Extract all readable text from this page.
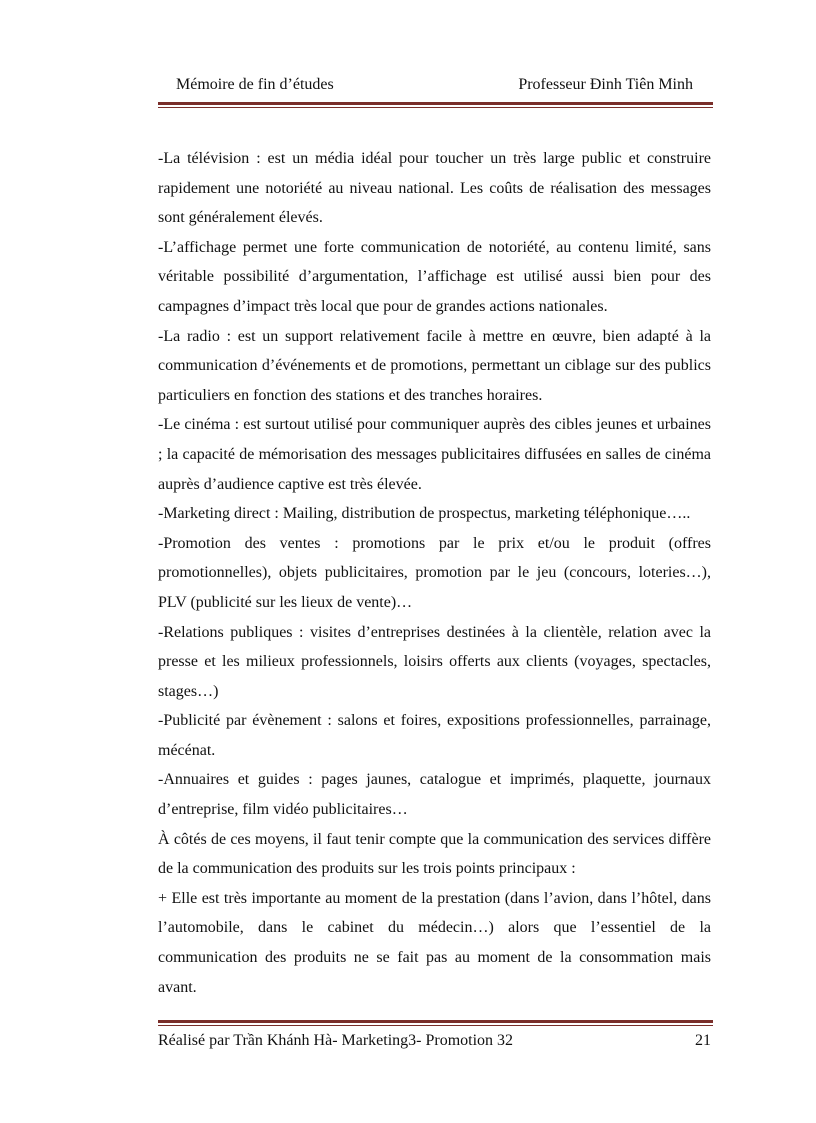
Mémoire de fin d’études	Professeur Đinh Tiên Minh

-La télévision : est un média idéal pour toucher un très large public et construire rapidement une notoriété au niveau national. Les coûts de réalisation des messages sont généralement élevés.

-L’affichage permet une forte communication de notoriété, au contenu limité, sans véritable possibilité d’argumentation, l’affichage est utilisé aussi bien pour des campagnes d’impact très local que pour de grandes actions nationales.

-La radio : est un support relativement facile à mettre en œuvre, bien adapté à la communication d’événements et de promotions, permettant un ciblage sur des publics particuliers en fonction des stations et des tranches horaires.

-Le cinéma : est surtout utilisé pour communiquer auprès des cibles jeunes et urbaines ; la capacité de mémorisation des messages publicitaires diffusées en salles de cinéma auprès d’audience captive est très élevée.

-Marketing direct : Mailing, distribution de prospectus, marketing téléphonique…..

-Promotion des ventes : promotions par le prix et/ou le produit (offres promotionnelles), objets publicitaires, promotion par le jeu (concours, loteries…), PLV (publicité sur les lieux de vente)…

-Relations publiques : visites d’entreprises destinées à la clientèle, relation avec la presse et les milieux professionnels, loisirs offerts aux clients (voyages, spectacles, stages…)

-Publicité par évènement : salons et foires, expositions professionnelles, parrainage, mécénat.

-Annuaires et guides : pages jaunes, catalogue et imprimés, plaquette, journaux d’entreprise, film vidéo publicitaires…

À côtés de ces moyens, il faut tenir compte que la communication des services diffère de la communication des produits sur les trois points principaux :

+ Elle est très importante au moment de la prestation (dans l’avion, dans l’hôtel, dans l’automobile, dans le cabinet du médecin…) alors que l’essentiel de la communication des produits ne se fait pas au moment de la consommation mais avant.

Réalisé par Trần Khánh Hà- Marketing3- Promotion 32	21
